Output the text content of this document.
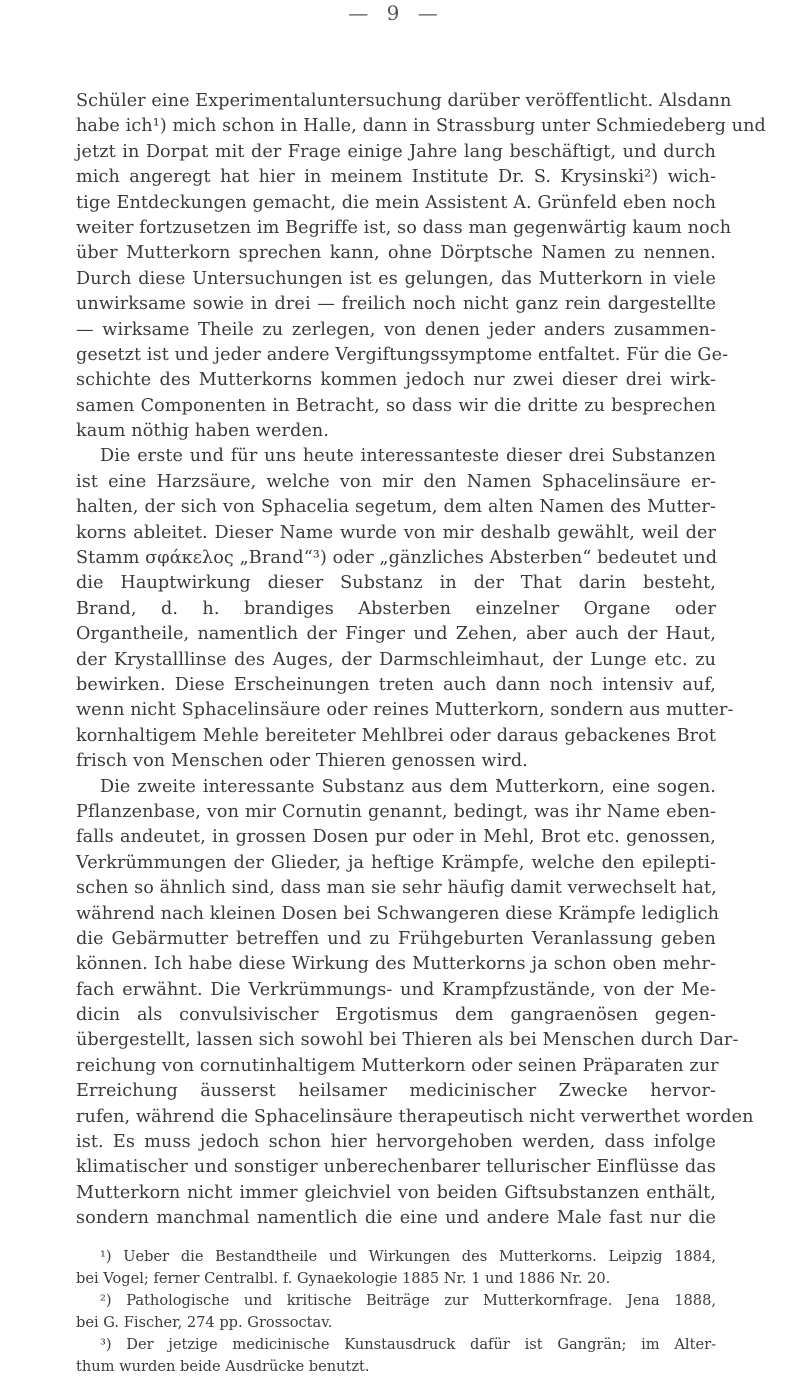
— 9 —
Schüler eine Experimentaluntersuchung darüber veröffentlicht. Alsdann
habe ich¹) mich schon in Halle, dann in Strassburg unter Schmiedeberg und
jetzt in Dorpat mit der Frage einige Jahre lang beschäftigt, und durch
mich angeregt hat hier in meinem Institute Dr. S. Krysinski²) wich-
tige Entdeckungen gemacht, die mein Assistent A. Grünfeld eben noch
weiter fortzusetzen im Begriffe ist, so dass man gegenwärtig kaum noch
über Mutterkorn sprechen kann, ohne Dörptsche Namen zu nennen.
Durch diese Untersuchungen ist es gelungen, das Mutterkorn in viele
unwirksame sowie in drei — freilich noch nicht ganz rein dargestellte
— wirksame Theile zu zerlegen, von denen jeder anders zusammen-
gesetzt ist und jeder andere Vergiftungssymptome entfaltet. Für die Ge-
schichte des Mutterkorns kommen jedoch nur zwei dieser drei wirk-
samen Componenten in Betracht, so dass wir die dritte zu besprechen
kaum nöthig haben werden.
Die erste und für uns heute interessanteste dieser drei Substanzen
ist eine Harzsäure, welche von mir den Namen Sphacelinsäure er-
halten, der sich von Sphacelia segetum, dem alten Namen des Mutter-
korns ableitet. Dieser Name wurde von mir deshalb gewählt, weil der
Stamm σφάκελος „Brand“³) oder „gänzliches Absterben“ bedeutet und
die Hauptwirkung dieser Substanz in der That darin besteht,
Brand, d. h. brandiges Absterben einzelner Organe oder
Organtheile, namentlich der Finger und Zehen, aber auch der Haut,
der Krystalllinse des Auges, der Darmschleimhaut, der Lunge etc. zu
bewirken. Diese Erscheinungen treten auch dann noch intensiv auf,
wenn nicht Sphacelinsäure oder reines Mutterkorn, sondern aus mutter-
kornhaltigem Mehle bereiteter Mehlbrei oder daraus gebackenes Brot
frisch von Menschen oder Thieren genossen wird.
Die zweite interessante Substanz aus dem Mutterkorn, eine sogen.
Pflanzenbase, von mir Cornutin genannt, bedingt, was ihr Name eben-
falls andeutet, in grossen Dosen pur oder in Mehl, Brot etc. genossen,
Verkrümmungen der Glieder, ja heftige Krämpfe, welche den epilepti-
schen so ähnlich sind, dass man sie sehr häufig damit verwechselt hat,
während nach kleinen Dosen bei Schwangeren diese Krämpfe lediglich
die Gebärmutter betreffen und zu Frühgeburten Veranlassung geben
können. Ich habe diese Wirkung des Mutterkorns ja schon oben mehr-
fach erwähnt. Die Verkrümmungs- und Krampfzustände, von der Me-
dicin als convulsivischer Ergotismus dem gangraenösen gegen-
übergestellt, lassen sich sowohl bei Thieren als bei Menschen durch Dar-
reichung von cornutinhaltigem Mutterkorn oder seinen Präparaten zur
Erreichung äusserst heilsamer medicinischer Zwecke hervor-
rufen, während die Sphacelinsäure therapeutisch nicht verwerthet worden
ist. Es muss jedoch schon hier hervorgehoben werden, dass infolge
klimatischer und sonstiger unberechenbarer tellurischer Einflüsse das
Mutterkorn nicht immer gleichviel von beiden Giftsubstanzen enthält,
sondern manchmal namentlich die eine und andere Male fast nur die
¹) Ueber die Bestandtheile und Wirkungen des Mutterkorns. Leipzig 1884,
bei Vogel; ferner Centralbl. f. Gynaekologie 1885 Nr. 1 und 1886 Nr. 20.
²) Pathologische und kritische Beiträge zur Mutterkornfrage. Jena 1888,
bei G. Fischer, 274 pp. Grossoctav.
³) Der jetzige medicinische Kunstausdruck dafür ist Gangrän; im Alter-
thum wurden beide Ausdrücke benutzt.
